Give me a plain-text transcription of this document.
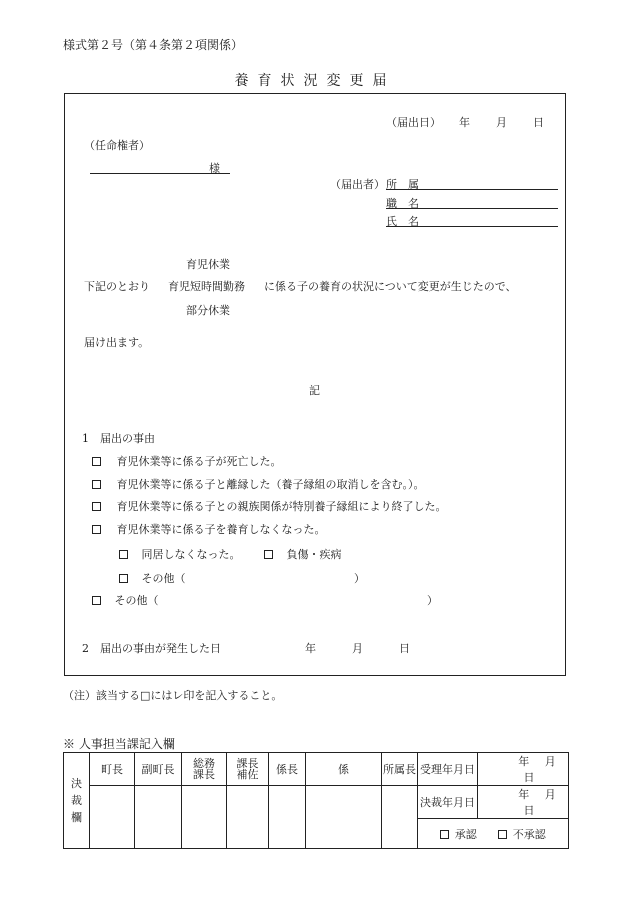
様式第２号（第４条第２項関係）
養育状況変更届
（届出日） 年 月 日
（任命権者）
様
（届出者） 所　属
職　名
氏　名
育児休業
下記のとおり 育児短時間勤務 に係る子の養育の状況について変更が生じたので、
部分休業
届け出ます。
記
1　届出の事由
育児休業等に係る子が死亡した。
育児休業等に係る子と離縁した（養子縁組の取消しを含む。）。
育児休業等に係る子との親族関係が特別養子縁組により終了した。
育児休業等に係る子を養育しなくなった。
同居しなくなった。	負傷・疾病
その他（	）
その他（	）
2　届出の事由が発生した日	年	月	日
（注）該当する□にはレ印を記入すること。
※ 人事担当課記入欄
決裁欄	町長	副町長	総務課長	課長補佐	係長	係	所属長	受理年月日	年 月 日
								決裁年月日	年 月 日
								承認 不承認	
